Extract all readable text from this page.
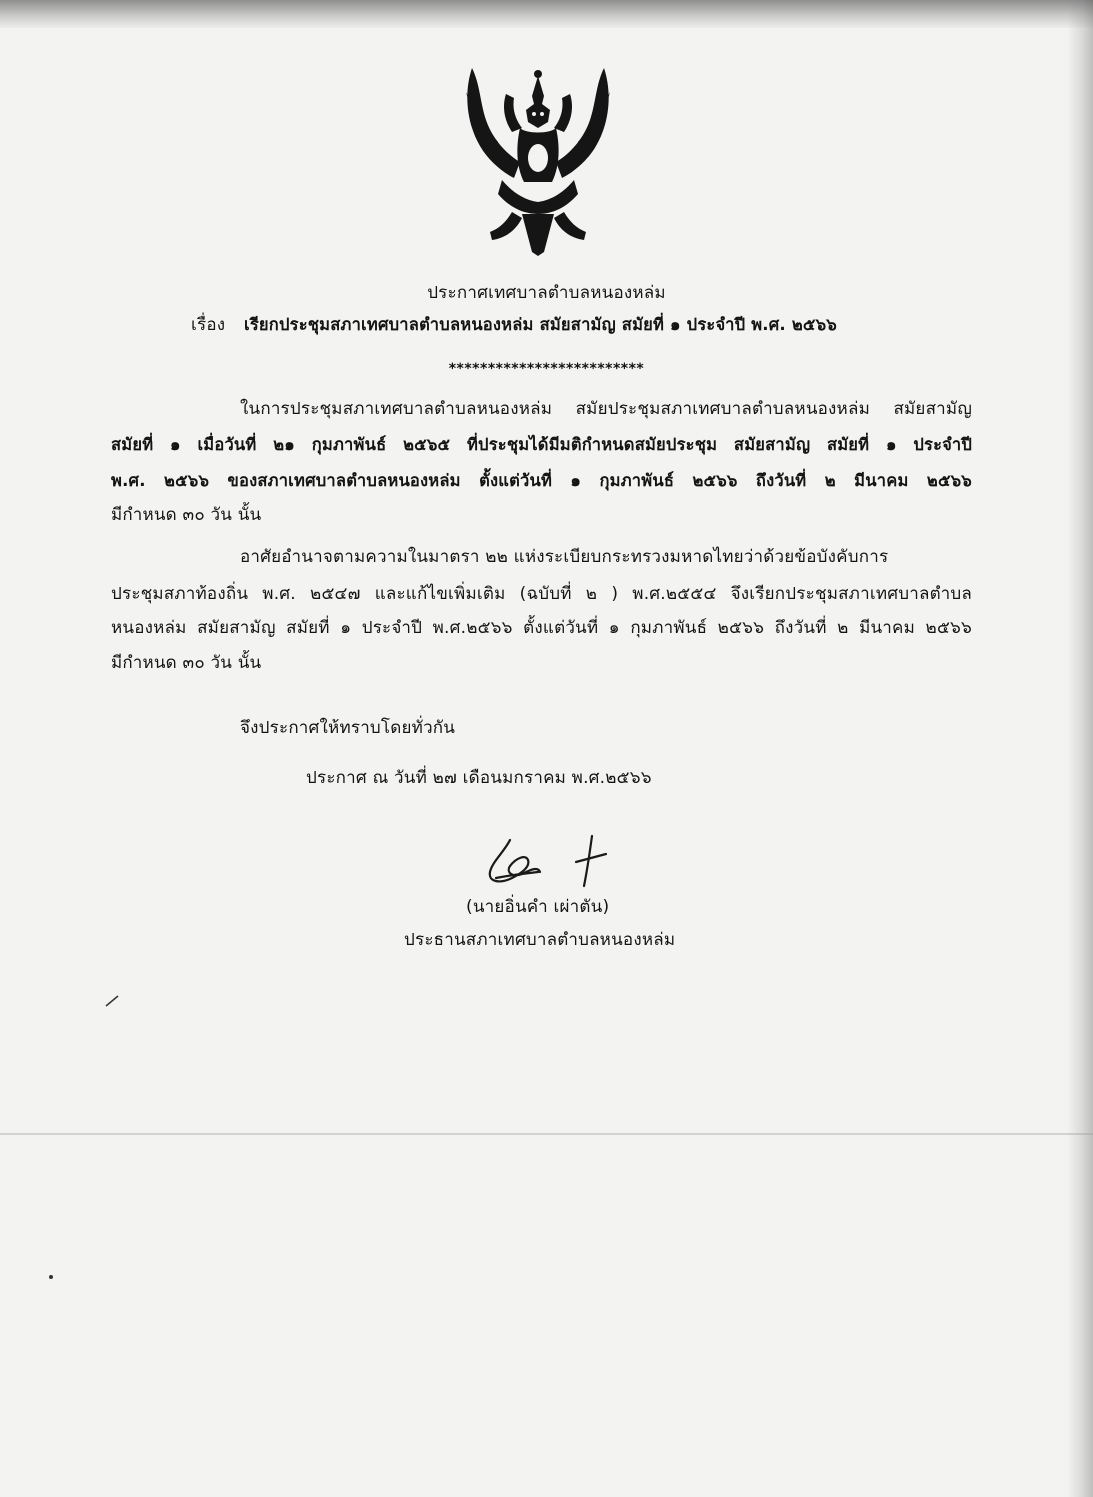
ประกาศเทศบาลตำบลหนองหล่ม
เรื่อง เรียกประชุมสภาเทศบาลตำบลหนองหล่ม สมัยสามัญ สมัยที่ ๑ ประจำปี พ.ศ. ๒๕๖๖
*************************
ในการประชุมสภาเทศบาลตำบลหนองหล่ม สมัยประชุมสภาเทศบาลตำบลหนองหล่ม สมัยสามัญ
สมัยที่ ๑ เมื่อวันที่ ๒๑ กุมภาพันธ์ ๒๕๖๕ ที่ประชุมได้มีมติกำหนดสมัยประชุม สมัยสามัญ สมัยที่ ๑ ประจำปี
พ.ศ. ๒๕๖๖ ของสภาเทศบาลตำบลหนองหล่ม ตั้งแต่วันที่ ๑ กุมภาพันธ์ ๒๕๖๖ ถึงวันที่ ๒ มีนาคม ๒๕๖๖
มีกำหนด ๓๐ วัน นั้น
อาศัยอำนาจตามความในมาตรา ๒๒ แห่งระเบียบกระทรวงมหาดไทยว่าด้วยข้อบังคับการ
ประชุมสภาท้องถิ่น พ.ศ. ๒๕๔๗ และแก้ไขเพิ่มเติม (ฉบับที่ ๒ ) พ.ศ.๒๕๕๔ จึงเรียกประชุมสภาเทศบาลตำบล
หนองหล่ม สมัยสามัญ สมัยที่ ๑ ประจำปี พ.ศ.๒๕๖๖ ตั้งแต่วันที่ ๑ กุมภาพันธ์ ๒๕๖๖ ถึงวันที่ ๒ มีนาคม ๒๕๖๖
มีกำหนด ๓๐ วัน นั้น
จึงประกาศให้ทราบโดยทั่วกัน
ประกาศ ณ วันที่ ๒๗ เดือนมกราคม พ.ศ.๒๕๖๖
(นายอิ่นคำ เผ่าตัน)
ประธานสภาเทศบาลตำบลหนองหล่ม
